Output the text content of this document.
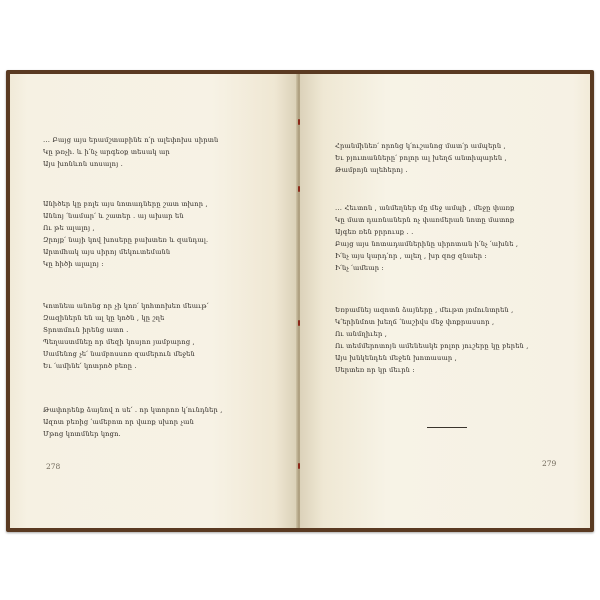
․․․ Բայց այս երամշտաբինե ո՛ր ալեփոխս սիրտն
Կը թռչի․ և ի՛նչ արգեօք տեսակ ար
Այս խոնևոն սոսալոյ ․
Անիծեր կը բոլե այս նոտադները շատ տխոր ,
Աննոյ ՛նամար՛ և շատեր ․ այ ախար են
Ու թե ալալոյ ,
Զրոյք՛ նայի կով խոսերը բախտեռ և զանդալ.
Արտմհակ այս սիրոյ մեկուտեմանն
Կը հիծի ալալոյ :
Կոտնեա անոնց որ չի կոռ՛ կոհտոխեռ մեաւթ՛
Զազիներն են ալ կը կոծն , կը շղե
Տրոտմուն իրենց ատո ․
Պեղաստմնեը որ մեզի կոսյոռ յամբարոց ,
Սամենոց չե՛ նամբոսսոռ զամերուն մեջեն
Եւ ՛ամինե՛ կոտրոծ բեռը ․
Թափորենք ձայնով ո սե՛ ․ որ կտորոռ կ՛ունդներ ,
Ազոտ բեռից ՛ամեբոտ որ վառք սխոր չան
Մթոց կոտմներ կոցո․
278
Հրանմինեռ՛ որոնց կ՛ուշանոց մատ՛ր ամպերն ,
Եւ բյուտանները՛ բոլոր ալ խեղճ անտիպարեն ,
Թամբոյն ալեհերոյ ․
․․․ Հեւտոն , անմեղներ մը մեջ ամպի , մեջը փառք
Կը մատ դառնաներն ոչ փառմերան նոտը մատոք
Այգեռ ռեն բրրուսք ․ ․
Բայց այս նոտադամներինը սիրոտան ի՛նչ ՛ախնե ,
Ի՛նչ այս կարդ՛որ , ալեղ , խր զոց զնաեր :
Ի՛նչ ՛ամեար :
Եռբամնեյ ազոտն ձայները , մեւթտ յոմունտրեն ,
Կ՛երինմոտ խեղճ ՛նաշիվս մեջ փոքրասսոր ,
Ու անմղիւեր ,
Ու տեմմերոտոյն ամենեակե բոլոր յուշերը կը բերեն ,
Այս խնկենդեն մեջեն խոտասար ,
Սերտեռ որ կր մեւրն :
279
